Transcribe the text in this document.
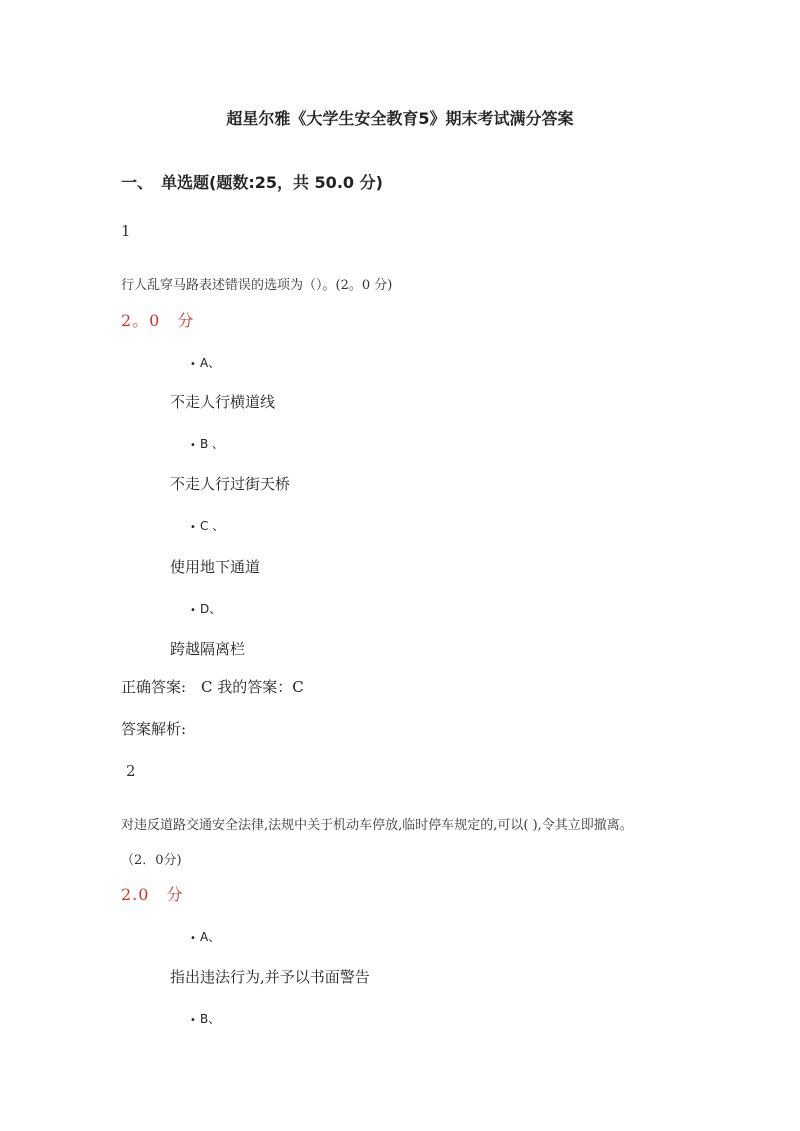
超星尔雅《大学生安全教育5》期末考试满分答案
一、 单选题(题数:25，共 50.0 分)
1
行人乱穿马路表述错误的选项为（）。(2。0 分)
2。0　分
• A、
不走人行横道线
• B 、
不走人行过街天桥
• C 、
使用地下通道
• D、
跨越隔离栏
正确答案:　C 我的答案：C
答案解析:
2
对违反道路交通安全法律,法规中关于机动车停放,临时停车规定的,可以( ),令其立即撤离。
（2．0分)
2.0　分
• A、
指出违法行为,并予以书面警告
• B、
